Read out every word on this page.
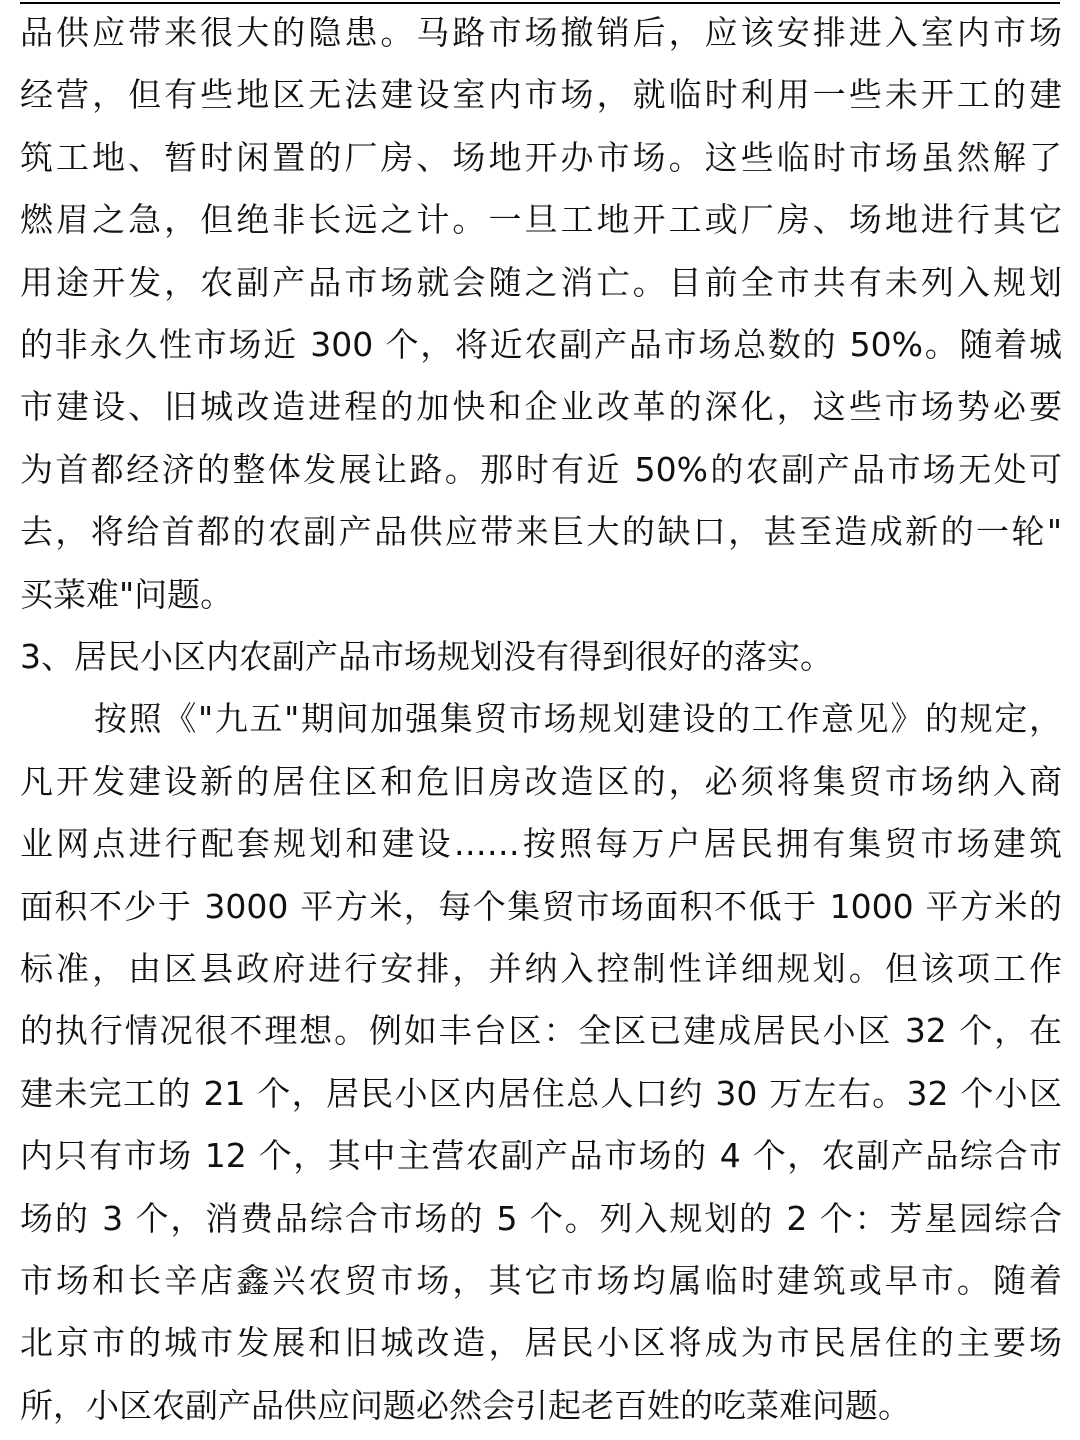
品供应带来很大的隐患。马路市场撤销后，应该安排进入室内市场
经营，但有些地区无法建设室内市场，就临时利用一些未开工的建
筑工地、暂时闲置的厂房、场地开办市场。这些临时市场虽然解了
燃眉之急，但绝非长远之计。一旦工地开工或厂房、场地进行其它
用途开发，农副产品市场就会随之消亡。目前全市共有未列入规划
的非永久性市场近 300 个，将近农副产品市场总数的 50%。随着城
市建设、旧城改造进程的加快和企业改革的深化，这些市场势必要
为首都经济的整体发展让路。那时有近 50%的农副产品市场无处可
去，将给首都的农副产品供应带来巨大的缺口，甚至造成新的一轮"
买菜难"问题。
3、居民小区内农副产品市场规划没有得到很好的落实。
按照《"九五"期间加强集贸市场规划建设的工作意见》的规定，
凡开发建设新的居住区和危旧房改造区的，必须将集贸市场纳入商
业网点进行配套规划和建设……按照每万户居民拥有集贸市场建筑
面积不少于 3000 平方米，每个集贸市场面积不低于 1000 平方米的
标准，由区县政府进行安排，并纳入控制性详细规划。但该项工作
的执行情况很不理想。例如丰台区：全区已建成居民小区 32 个，在
建未完工的 21 个，居民小区内居住总人口约 30 万左右。32 个小区
内只有市场 12 个，其中主营农副产品市场的 4 个，农副产品综合市
场的 3 个，消费品综合市场的 5 个。列入规划的 2 个：芳星园综合
市场和长辛店鑫兴农贸市场，其它市场均属临时建筑或早市。随着
北京市的城市发展和旧城改造，居民小区将成为市民居住的主要场
所，小区农副产品供应问题必然会引起老百姓的吃菜难问题。
